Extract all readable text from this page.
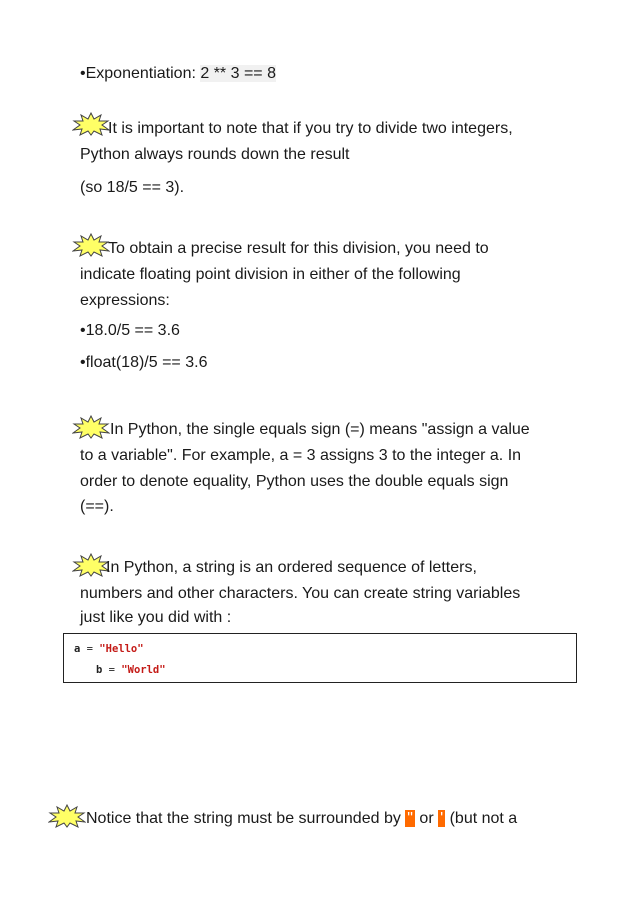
•Exponentiation: 2 ** 3 == 8
It is important to note that if you try to divide two integers,
Python always rounds down the result
(so 18/5 == 3).
To obtain a precise result for this division, you need to
indicate floating point division in either of the following
expressions:
•18.0/5 == 3.6
•float(18)/5 == 3.6
In Python, the single equals sign (=) means "assign a value
to a variable". For example, a = 3 assigns 3 to the integer a. In
order to denote equality, Python uses the double equals sign
(==).
In Python, a string is an ordered sequence of letters,
numbers and other characters. You can create string variables
just like you did with :
a = "Hello"
b = "World"
Notice that the string must be surrounded by " or ' (but not a
